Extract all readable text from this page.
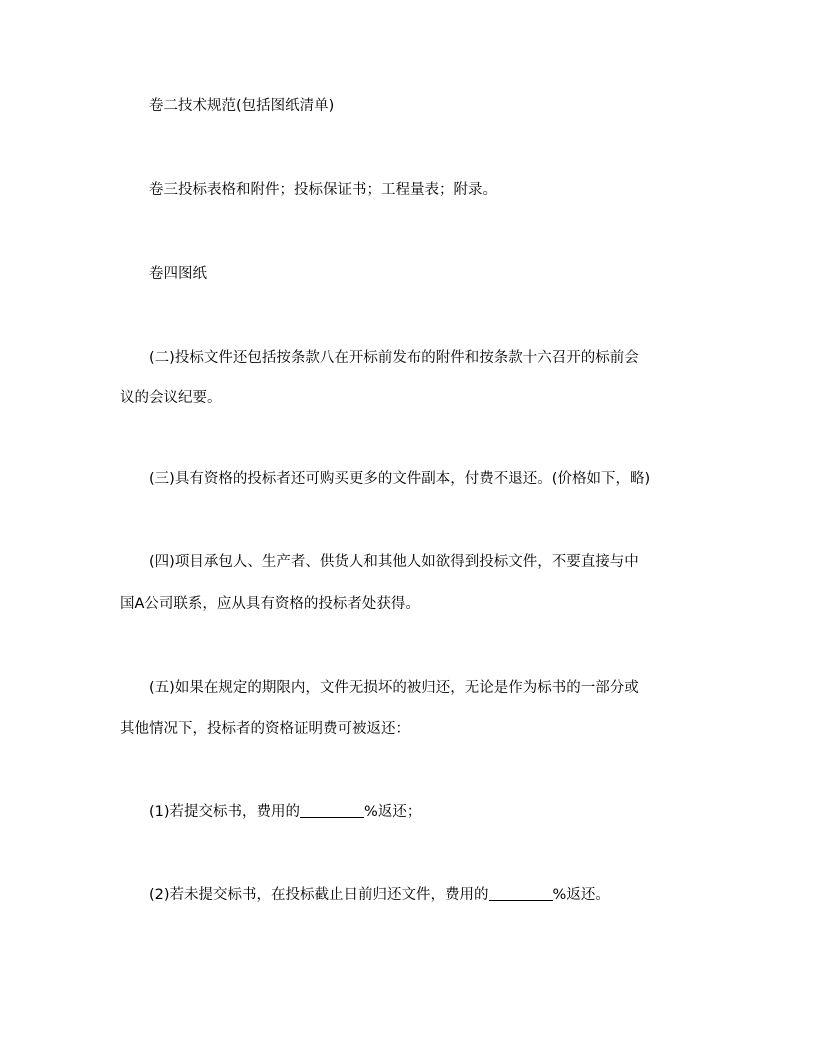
卷二技术规范(包括图纸清单)
卷三投标表格和附件；投标保证书；工程量表；附录。
卷四图纸
(二)投标文件还包括按条款八在开标前发布的附件和按条款十六召开的标前会
议的会议纪要。
(三)具有资格的投标者还可购买更多的文件副本，付费不退还。(价格如下，略)
(四)项目承包人、生产者、供货人和其他人如欲得到投标文件，不要直接与中
国A公司联系，应从具有资格的投标者处获得。
(五)如果在规定的期限内，文件无损坏的被归还，无论是作为标书的一部分或
其他情况下，投标者的资格证明费可被返还：
(1)若提交标书，费用的	%返还；
(2)若未提交标书，在投标截止日前归还文件，费用的	%返还。
